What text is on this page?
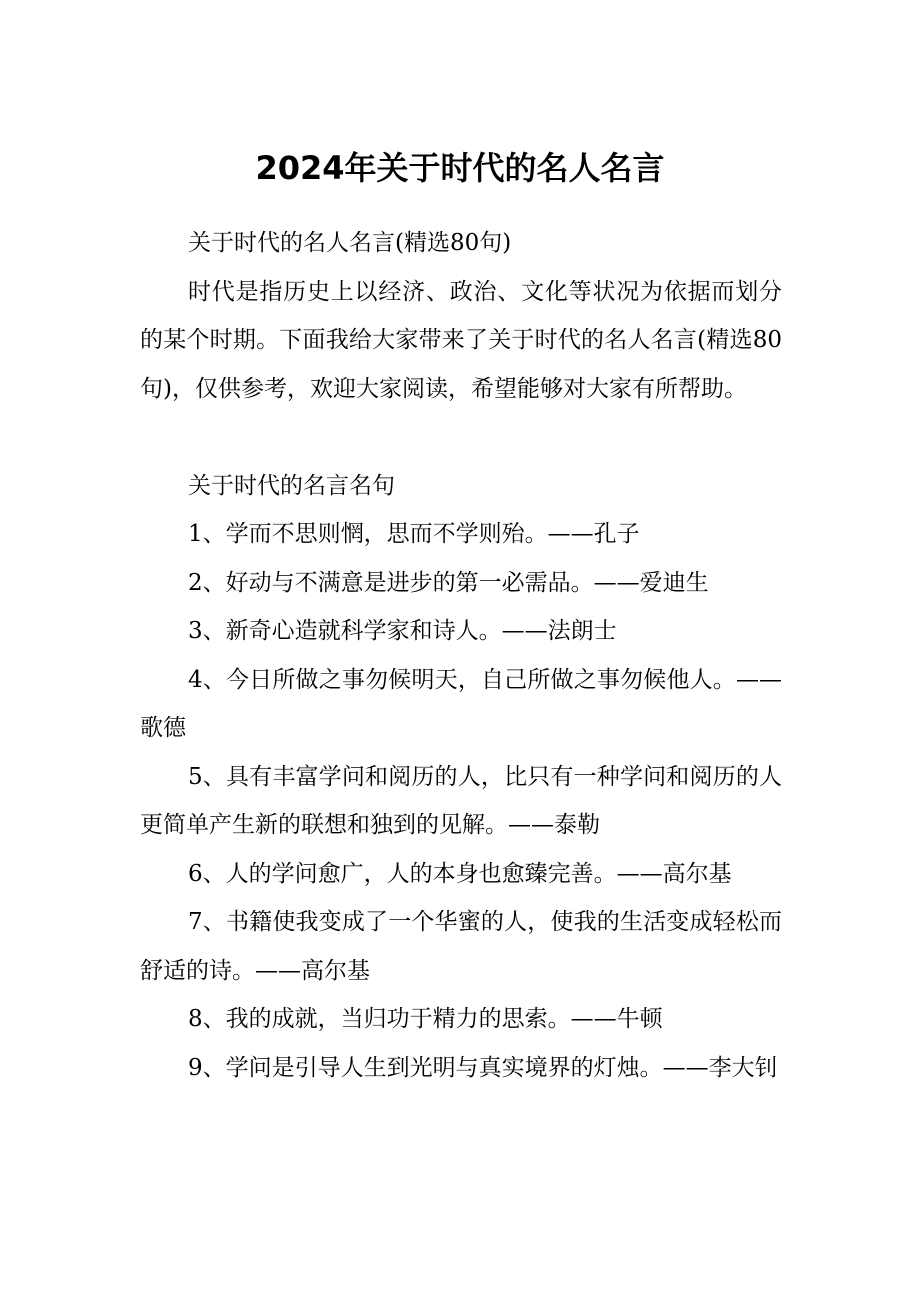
2024年关于时代的名人名言

关于时代的名人名言(精选80句)

时代是指历史上以经济、政治、文化等状况为依据而划分的某个时期。下面我给大家带来了关于时代的名人名言(精选80句)，仅供参考，欢迎大家阅读，希望能够对大家有所帮助。

关于时代的名言名句

1、学而不思则惘，思而不学则殆。——孔子

2、好动与不满意是进步的第一必需品。——爱迪生

3、新奇心造就科学家和诗人。——法朗士

4、今日所做之事勿候明天，自己所做之事勿候他人。——歌德

5、具有丰富学问和阅历的人，比只有一种学问和阅历的人更简单产生新的联想和独到的见解。——泰勒

6、人的学问愈广，人的本身也愈臻完善。——高尔基

7、书籍使我变成了一个华蜜的人，使我的生活变成轻松而舒适的诗。——高尔基

8、我的成就，当归功于精力的思索。——牛顿

9、学问是引导人生到光明与真实境界的灯烛。——李大钊
